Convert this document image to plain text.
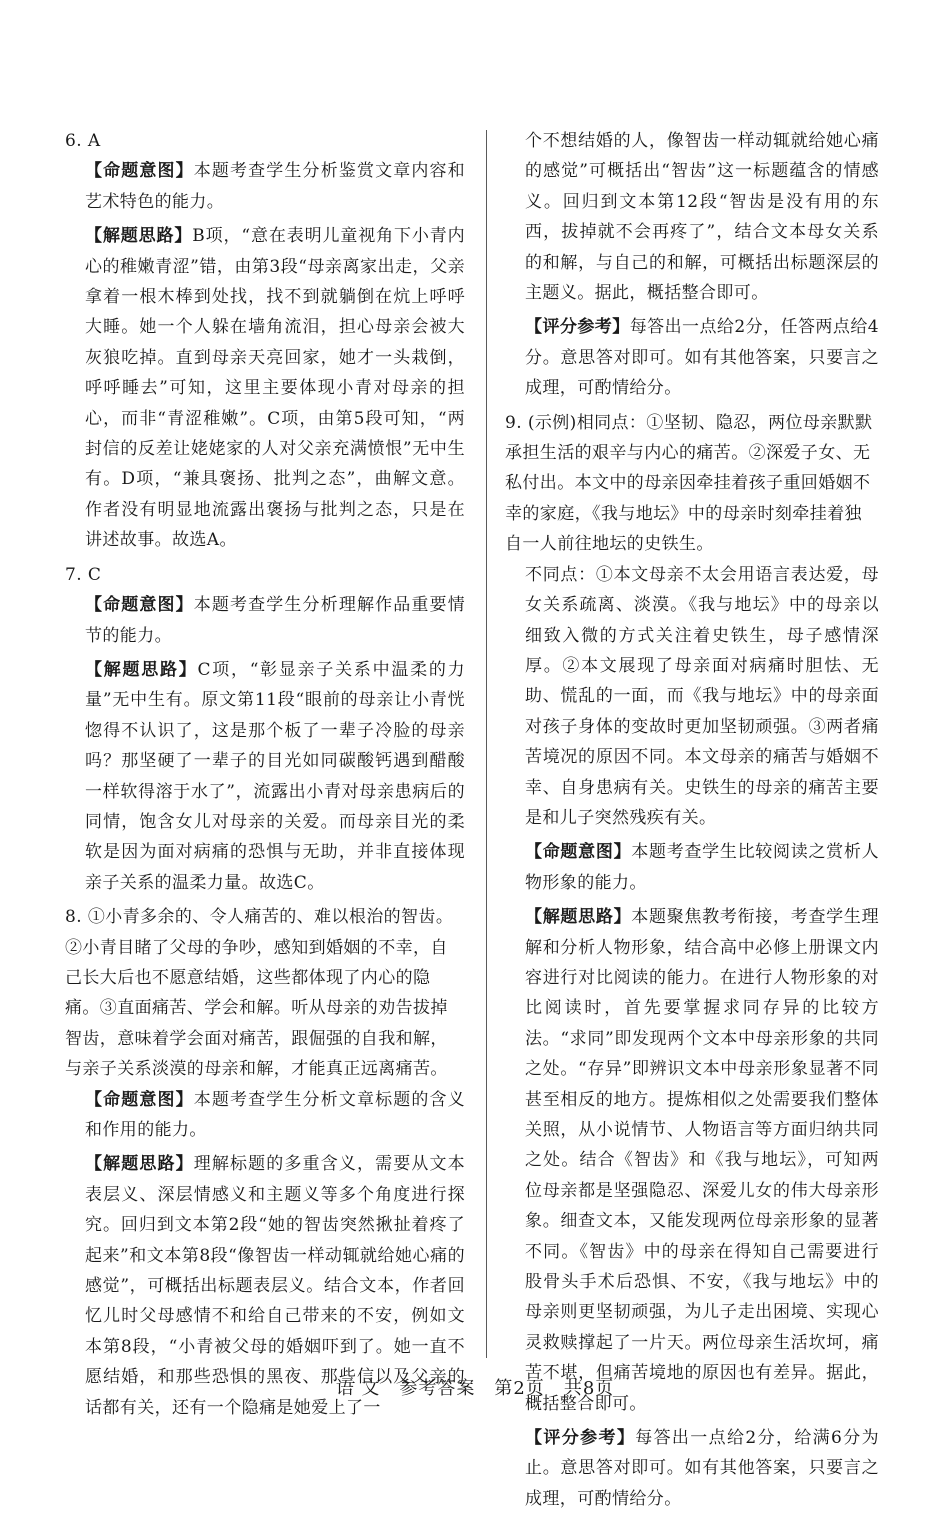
6. A
【命题意图】本题考查学生分析鉴赏文章内容和艺术特色的能力。
【解题思路】B项，“意在表明儿童视角下小青内心的稚嫩青涩”错，由第3段“母亲离家出走，父亲拿着一根木棒到处找，找不到就躺倒在炕上呼呼大睡。她一个人躲在墙角流泪，担心母亲会被大灰狼吃掉。直到母亲天亮回家，她才一头栽倒，呼呼睡去”可知，这里主要体现小青对母亲的担心，而非“青涩稚嫩”。C项，由第5段可知，“两封信的反差让姥姥家的人对父亲充满愤恨”无中生有。D项，“兼具褒扬、批判之态”，曲解文意。作者没有明显地流露出褒扬与批判之态，只是在讲述故事。故选A。
7. C
【命题意图】本题考查学生分析理解作品重要情节的能力。
【解题思路】C项，“彰显亲子关系中温柔的力量”无中生有。原文第11段“眼前的母亲让小青恍惚得不认识了，这是那个板了一辈子冷脸的母亲吗？那坚硬了一辈子的目光如同碳酸钙遇到醋酸一样软得溶于水了”，流露出小青对母亲患病后的同情，饱含女儿对母亲的关爱。而母亲目光的柔软是因为面对病痛的恐惧与无助，并非直接体现亲子关系的温柔力量。故选C。
8. ①小青多余的、令人痛苦的、难以根治的智齿。②小青目睹了父母的争吵，感知到婚姻的不幸，自己长大后也不愿意结婚，这些都体现了内心的隐痛。③直面痛苦、学会和解。听从母亲的劝告拔掉智齿，意味着学会面对痛苦，跟倔强的自我和解，与亲子关系淡漠的母亲和解，才能真正远离痛苦。
【命题意图】本题考查学生分析文章标题的含义和作用的能力。
【解题思路】理解标题的多重含义，需要从文本表层义、深层情感义和主题义等多个角度进行探究。回归到文本第2段“她的智齿突然揪扯着疼了起来”和文本第8段“像智齿一样动辄就给她心痛的感觉”，可概括出标题表层义。结合文本，作者回忆儿时父母感情不和给自己带来的不安，例如文本第8段，“小青被父母的婚姻吓到了。她一直不愿结婚，和那些恐惧的黑夜、那些信以及父亲的话都有关，还有一个隐痛是她爱上了一
个不想结婚的人，像智齿一样动辄就给她心痛的感觉”可概括出“智齿”这一标题蕴含的情感义。回归到文本第12段“智齿是没有用的东西，拔掉就不会再疼了”，结合文本母女关系的和解，与自己的和解，可概括出标题深层的主题义。据此，概括整合即可。
【评分参考】每答出一点给2分，任答两点给4分。意思答对即可。如有其他答案，只要言之成理，可酌情给分。
9. (示例)相同点：①坚韧、隐忍，两位母亲默默承担生活的艰辛与内心的痛苦。②深爱子女、无私付出。本文中的母亲因牵挂着孩子重回婚姻不幸的家庭，《我与地坛》中的母亲时刻牵挂着独自一人前往地坛的史铁生。
不同点：①本文母亲不太会用语言表达爱，母女关系疏离、淡漠。《我与地坛》中的母亲以细致入微的方式关注着史铁生，母子感情深厚。②本文展现了母亲面对病痛时胆怯、无助、慌乱的一面，而《我与地坛》中的母亲面对孩子身体的变故时更加坚韧顽强。③两者痛苦境况的原因不同。本文母亲的痛苦与婚姻不幸、自身患病有关。史铁生的母亲的痛苦主要是和儿子突然残疾有关。
【命题意图】本题考查学生比较阅读之赏析人物形象的能力。
【解题思路】本题聚焦教考衔接，考查学生理解和分析人物形象，结合高中必修上册课文内容进行对比阅读的能力。在进行人物形象的对比阅读时，首先要掌握求同存异的比较方法。“求同”即发现两个文本中母亲形象的共同之处。“存异”即辨识文本中母亲形象显著不同甚至相反的地方。提炼相似之处需要我们整体关照，从小说情节、人物语言等方面归纳共同之处。结合《智齿》和《我与地坛》，可知两位母亲都是坚强隐忍、深爱儿女的伟大母亲形象。细查文本，又能发现两位母亲形象的显著不同。《智齿》中的母亲在得知自己需要进行股骨头手术后恐惧、不安，《我与地坛》中的母亲则更坚韧顽强，为儿子走出困境、实现心灵救赎撑起了一片天。两位母亲生活坎坷，痛苦不堪，但痛苦境地的原因也有差异。据此，概括整合即可。
【评分参考】每答出一点给2分，给满6分为止。意思答对即可。如有其他答案，只要言之成理，可酌情给分。
语 文　参考答案　第2页　共8页
